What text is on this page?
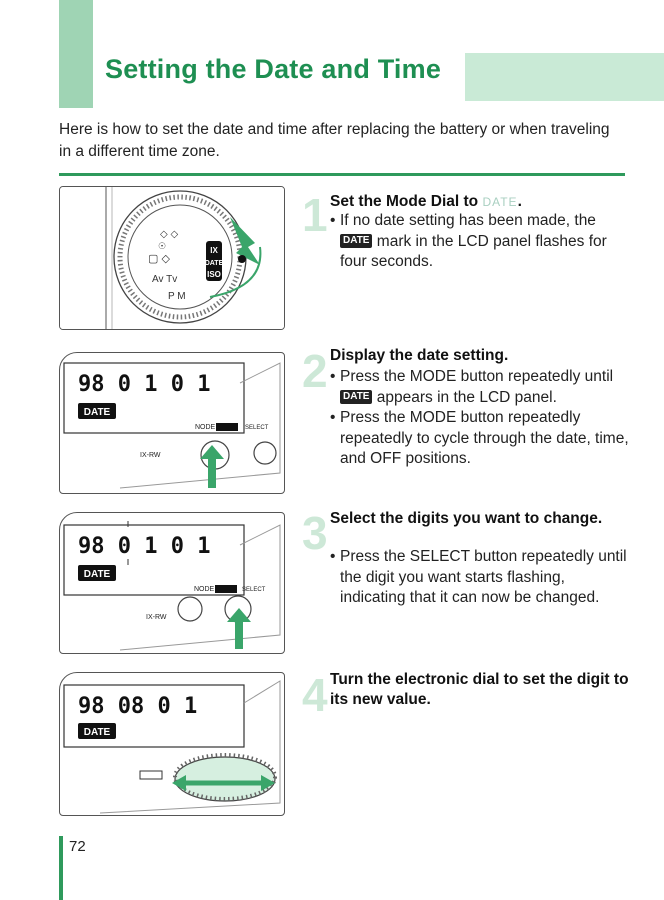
Setting the Date and Time
Here is how to set the date and time after replacing the battery or when traveling in a different time zone.
IX
DATE
ISO
◇ ◇
▢ ◇
Av Tv
P M
☉
1 Set the Mode Dial to DATE.
• If no date setting has been made, the DATE mark in the LCD panel flashes for four seconds.
98 0 1 0 1
DATE
NODE	SELECT
IX-RW
2 Display the date setting.
• Press the MODE button repeatedly until DATE appears in the LCD panel.
• Press the MODE button repeatedly repeatedly to cycle through the date, time, and OFF positions.
98 0 1 0 1
DATE
NODE	SELECT
IX-RW
3 Select the digits you want to change.
• Press the SELECT button repeatedly until the digit you want starts flashing, indicating that it can now be changed.
98 08 0 1
DATE
4 Turn the electronic dial to set the digit to its new value.
72
